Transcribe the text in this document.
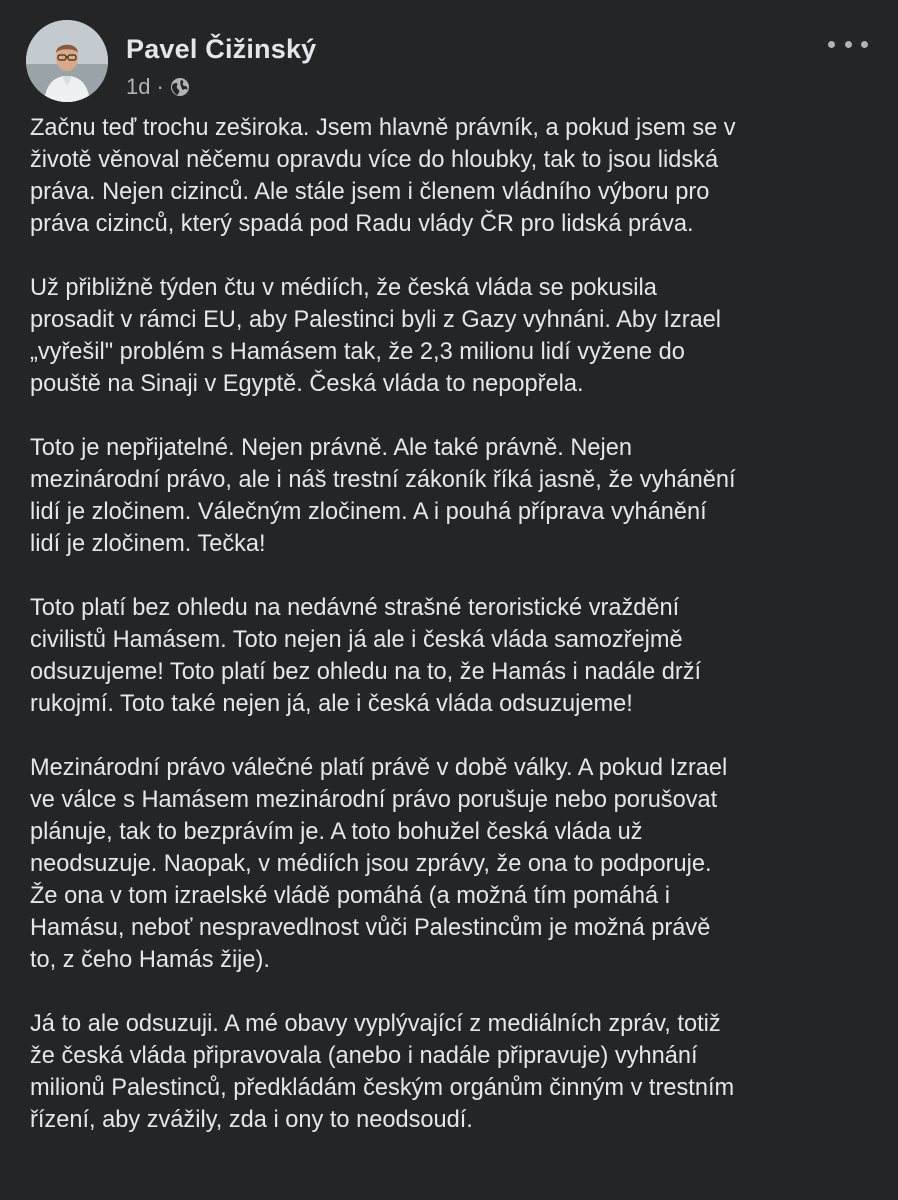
Pavel Čižinský
1d ·

Začnu teď trochu zeširoka. Jsem hlavně právník, a pokud jsem se v
životě věnoval něčemu opravdu více do hloubky, tak to jsou lidská
práva. Nejen cizinců. Ale stále jsem i členem vládního výboru pro
práva cizinců, který spadá pod Radu vlády ČR pro lidská práva.

Už přibližně týden čtu v médiích, že česká vláda se pokusila
prosadit v rámci EU, aby Palestinci byli z Gazy vyhnáni. Aby Izrael
„vyřešil" problém s Hamásem tak, že 2,3 milionu lidí vyžene do
pouště na Sinaji v Egyptě. Česká vláda to nepopřela.

Toto je nepřijatelné. Nejen právně. Ale také právně. Nejen
mezinárodní právo, ale i náš trestní zákoník říká jasně, že vyhánění
lidí je zločinem. Válečným zločinem. A i pouhá příprava vyhánění
lidí je zločinem. Tečka!

Toto platí bez ohledu na nedávné strašné teroristické vraždění
civilistů Hamásem. Toto nejen já ale i česká vláda samozřejmě
odsuzujeme! Toto platí bez ohledu na to, že Hamás i nadále drží
rukojmí. Toto také nejen já, ale i česká vláda odsuzujeme!

Mezinárodní právo válečné platí právě v době války. A pokud Izrael
ve válce s Hamásem mezinárodní právo porušuje nebo porušovat
plánuje, tak to bezprávím je. A toto bohužel česká vláda už
neodsuzuje. Naopak, v médiích jsou zprávy, že ona to podporuje.
Že ona v tom izraelské vládě pomáhá (a možná tím pomáhá i
Hamásu, neboť nespravedlnost vůči Palestincům je možná právě
to, z čeho Hamás žije).

Já to ale odsuzuji. A mé obavy vyplývající z mediálních zpráv, totiž
že česká vláda připravovala (anebo i nadále připravuje) vyhnání
milionů Palestinců, předkládám českým orgánům činným v trestním
řízení, aby zvážily, zda i ony to neodsoudí.
